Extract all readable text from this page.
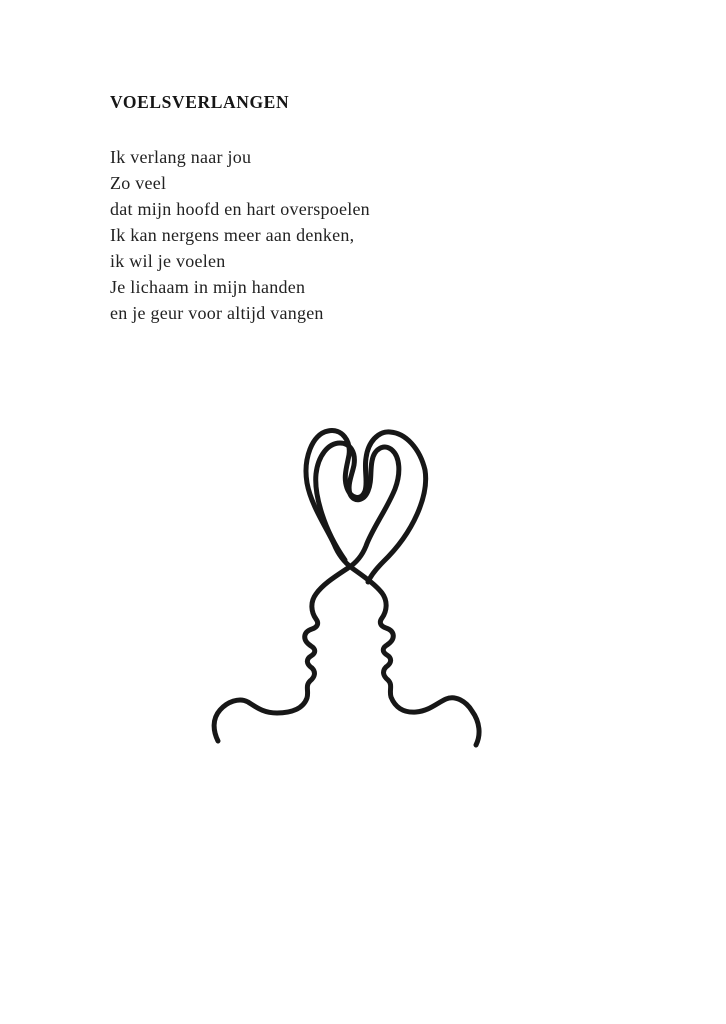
VOELSVERLANGEN

Ik verlang naar jou

Zo veel

dat mijn hoofd en hart overspoelen

Ik kan nergens meer aan denken,

ik wil je voelen

Je lichaam in mijn handen

en je geur voor altijd vangen
